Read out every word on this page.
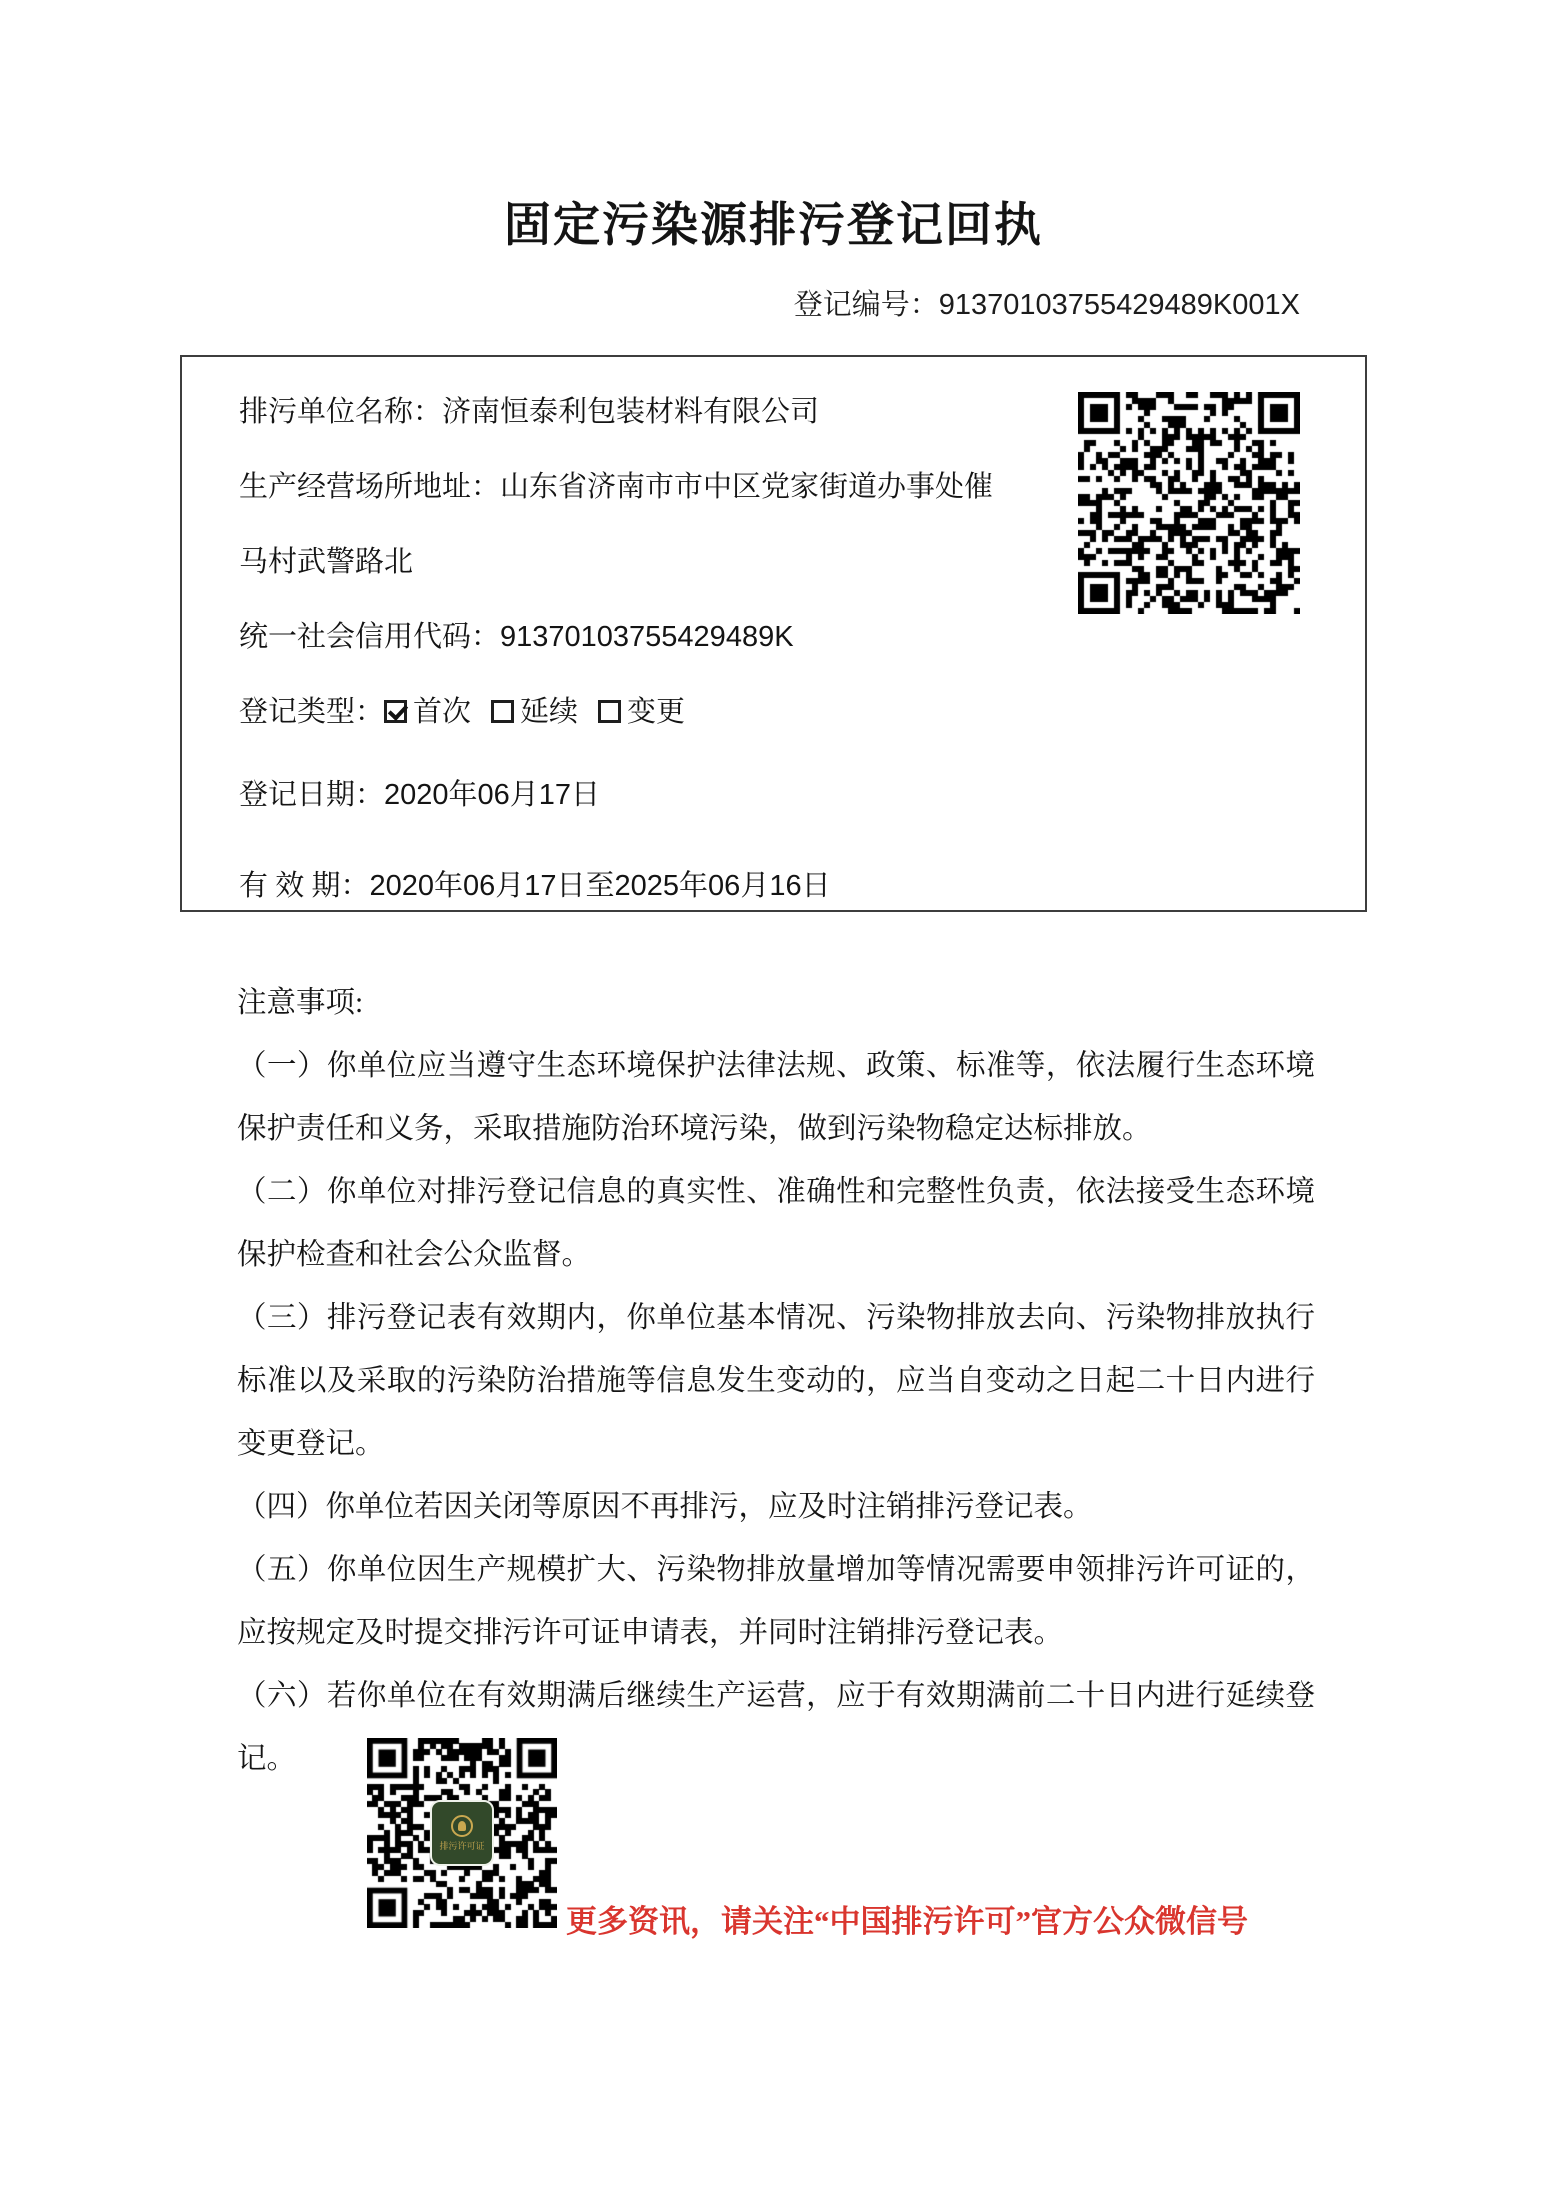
固定污染源排污登记回执
登记编号：91370103755429489K001X

排污单位名称：济南恒泰利包装材料有限公司

生产经营场所地址：山东省济南市市中区党家街道办事处催马村武警路北

统一社会信用代码：91370103755429489K

登记类型： 首次 延续 变更

登记日期：2020年06月17日

有 效 期：2020年06月17日至2025年06月16日

注意事项:

（一）你单位应当遵守生态环境保护法律法规、政策、标准等，依法履行生态环境保护责任和义务，采取措施防治环境污染，做到污染物稳定达标排放。

（二）你单位对排污登记信息的真实性、准确性和完整性负责，依法接受生态环境保护检查和社会公众监督。

（三）排污登记表有效期内，你单位基本情况、污染物排放去向、污染物排放执行标准以及采取的污染防治措施等信息发生变动的，应当自变动之日起二十日内进行变更登记。

（四）你单位若因关闭等原因不再排污，应及时注销排污登记表。

（五）你单位因生产规模扩大、污染物排放量增加等情况需要申领排污许可证的，应按规定及时提交排污许可证申请表，并同时注销排污登记表。

（六）若你单位在有效期满后继续生产运营，应于有效期满前二十日内进行延续登记。

排污许可证
更多资讯，请关注“中国排污许可”官方公众微信号
